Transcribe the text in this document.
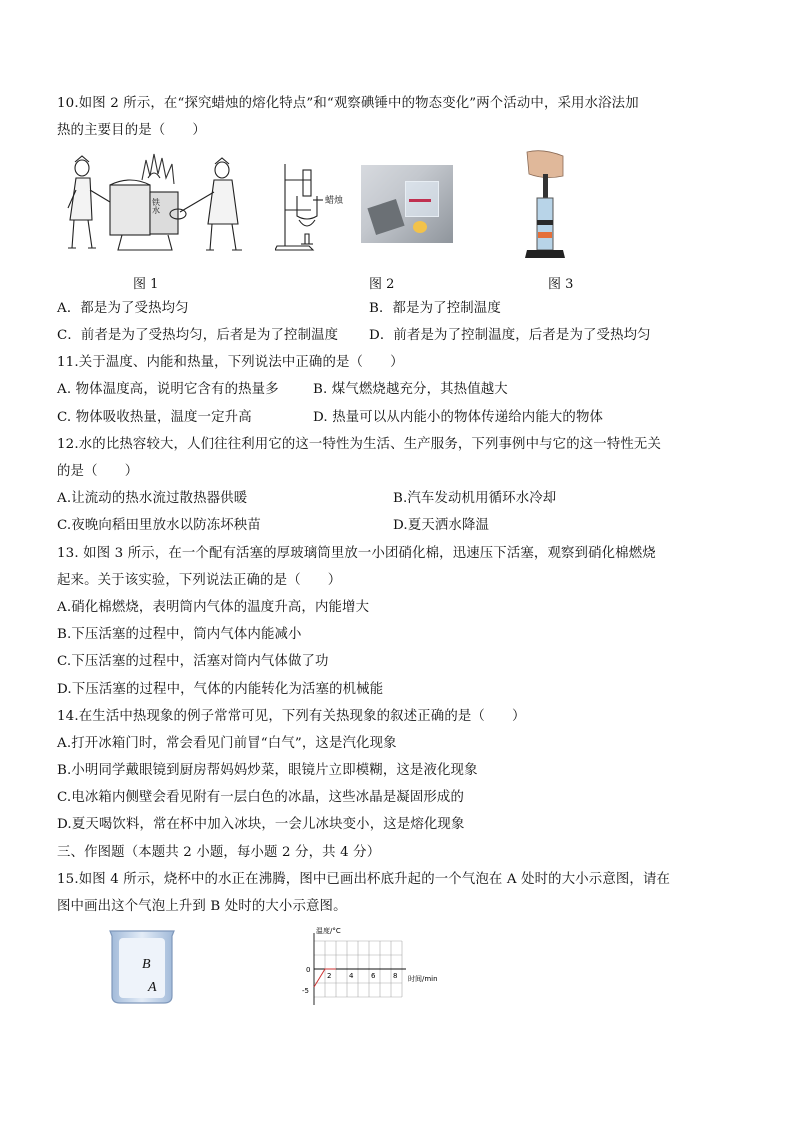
10.如图 2 所示，在“探究蜡烛的熔化特点”和“观察碘锤中的物态变化”两个活动中，采用水浴法加
热的主要目的是（　　）
铁水	蜡烛
图 1	图 2	图 3
A．都是为了受热均匀	B．都是为了控制温度
C．前者是为了受热均匀，后者是为了控制温度 D．前者是为了控制温度，后者是为了受热均匀
11.关于温度、内能和热量，下列说法中正确的是（　　）
A. 物体温度高，说明它含有的热量多	B. 煤气燃烧越充分，其热值越大
C. 物体吸收热量，温度一定升高	D. 热量可以从内能小的物体传递给内能大的物体
12.水的比热容较大，人们往往利用它的这一特性为生活、生产服务，下列事例中与它的这一特性无关
的是（　　）
A.让流动的热水流过散热器供暖	B.汽车发动机用循环水冷却
C.夜晚向稻田里放水以防冻坏秧苗	D.夏天洒水降温
13. 如图 3 所示，在一个配有活塞的厚玻璃筒里放一小团硝化棉，迅速压下活塞，观察到硝化棉燃烧
起来。关于该实验，下列说法正确的是（　　）
A.硝化棉燃烧，表明筒内气体的温度升高，内能增大
B.下压活塞的过程中，筒内气体内能减小
C.下压活塞的过程中，活塞对筒内气体做了功
D.下压活塞的过程中，气体的内能转化为活塞的机械能
14.在生活中热现象的例子常常可见，下列有关热现象的叙述正确的是（　　）
A.打开冰箱门时，常会看见门前冒“白气”，这是汽化现象
B.小明同学戴眼镜到厨房帮妈妈炒菜，眼镜片立即模糊，这是液化现象
C.电冰箱内侧壁会看见附有一层白色的冰晶，这些冰晶是凝固形成的
D.夏天喝饮料，常在杯中加入冰块，一会儿冰块变小，这是熔化现象
三、作图题（本题共 2 小题，每小题 2 分，共 4 分）
15.如图 4 所示，烧杯中的水正在沸腾，图中已画出杯底升起的一个气泡在 A 处时的大小示意图，请在
图中画出这个气泡上升到 B 处时的大小示意图。
B
A
温度/°C
时间/min
0
-5
2	4	6	8
